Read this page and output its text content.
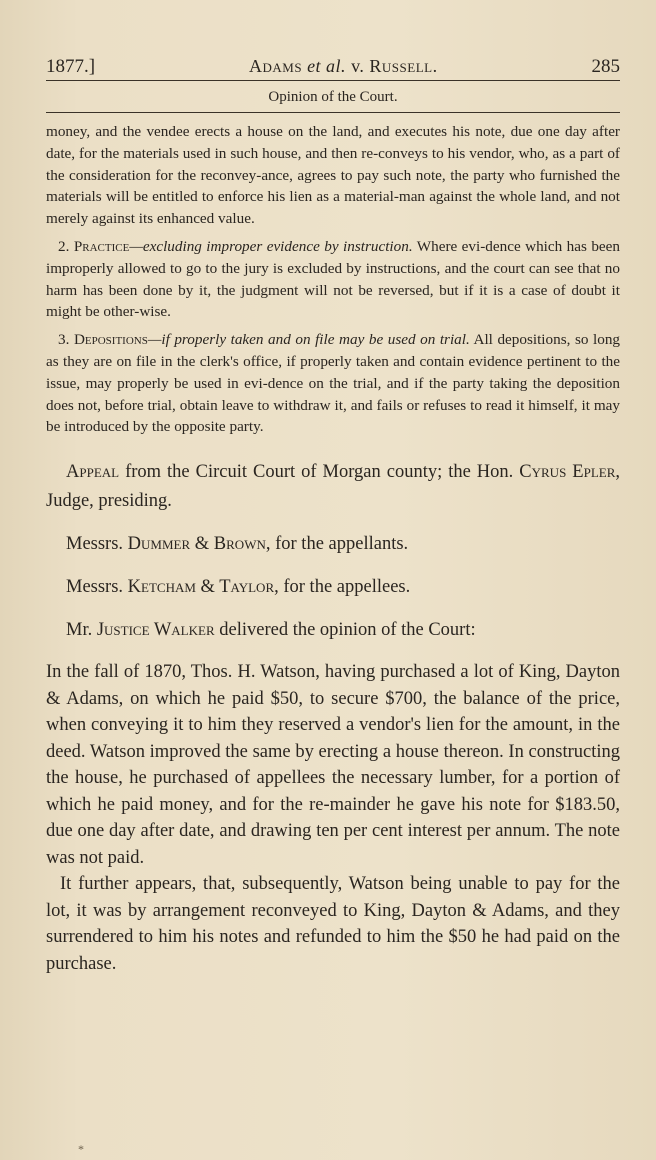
1877.]	Adams et al. v. Russell.	285
Opinion of the Court.

money, and the vendee erects a house on the land, and executes his note, due one day after date, for the materials used in such house, and then re-conveys to his vendor, who, as a part of the consideration for the reconvey-ance, agrees to pay such note, the party who furnished the materials will be entitled to enforce his lien as a material-man against the whole land, and not merely against its enhanced value.

2. Practice—excluding improper evidence by instruction. Where evi-dence which has been improperly allowed to go to the jury is excluded by instructions, and the court can see that no harm has been done by it, the judgment will not be reversed, but if it is a case of doubt it might be other-wise.

3. Depositions—if properly taken and on file may be used on trial. All depositions, so long as they are on file in the clerk's office, if properly taken and contain evidence pertinent to the issue, may properly be used in evi-dence on the trial, and if the party taking the deposition does not, before trial, obtain leave to withdraw it, and fails or refuses to read it himself, it may be introduced by the opposite party.

Appeal from the Circuit Court of Morgan county; the Hon. Cyrus Epler, Judge, presiding.

Messrs. Dummer & Brown, for the appellants.

Messrs. Ketcham & Taylor, for the appellees.

Mr. Justice Walker delivered the opinion of the Court:

In the fall of 1870, Thos. H. Watson, having purchased a lot of King, Dayton & Adams, on which he paid $50, to secure $700, the balance of the price, when conveying it to him they reserved a vendor's lien for the amount, in the deed. Watson improved the same by erecting a house thereon. In constructing the house, he purchased of appellees the necessary lumber, for a portion of which he paid money, and for the re-mainder he gave his note for $183.50, due one day after date, and drawing ten per cent interest per annum. The note was not paid.

It further appears, that, subsequently, Watson being unable to pay for the lot, it was by arrangement reconveyed to King, Dayton & Adams, and they surrendered to him his notes and refunded to him the $50 he had paid on the purchase.

*
